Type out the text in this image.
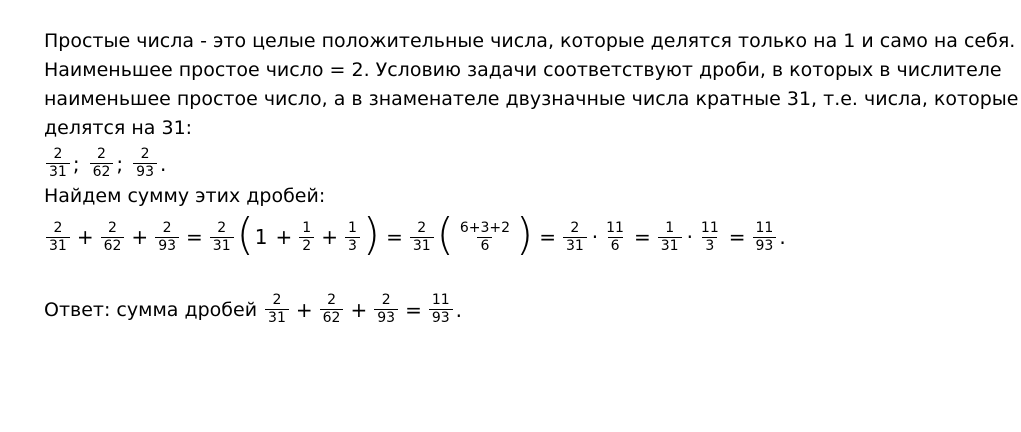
Простые числа - это целые положительные числа, которые делятся только на 1 и само на себя.
Наименьшее простое число = 2. Условию задачи соответствуют дроби, в которых в числителе
наименьшее простое число, а в знаменателе двузначные числа кратные 31, т.е. числа, которые
делятся на 31:
$\frac{2}{31}$ ; $\frac{2}{62}$ ; $\frac{2}{93}$ .
Найдем сумму этих дробей:
$\frac{2}{31} + \frac{2}{62} + \frac{2}{93} = \frac{2}{31}$ ( $1 + \frac{1}{2} + \frac{1}{3}$ ) = $\frac{2}{31}$ ( $\frac{6+3+2}{6}$ ) = $\frac{2}{31} \cdot \frac{11}{6} = \frac{1}{31} \cdot \frac{11}{3} = \frac{11}{93}$ .
Ответ: сумма дробей $\frac{2}{31} + \frac{2}{62} + \frac{2}{93} = \frac{11}{93}$ .
